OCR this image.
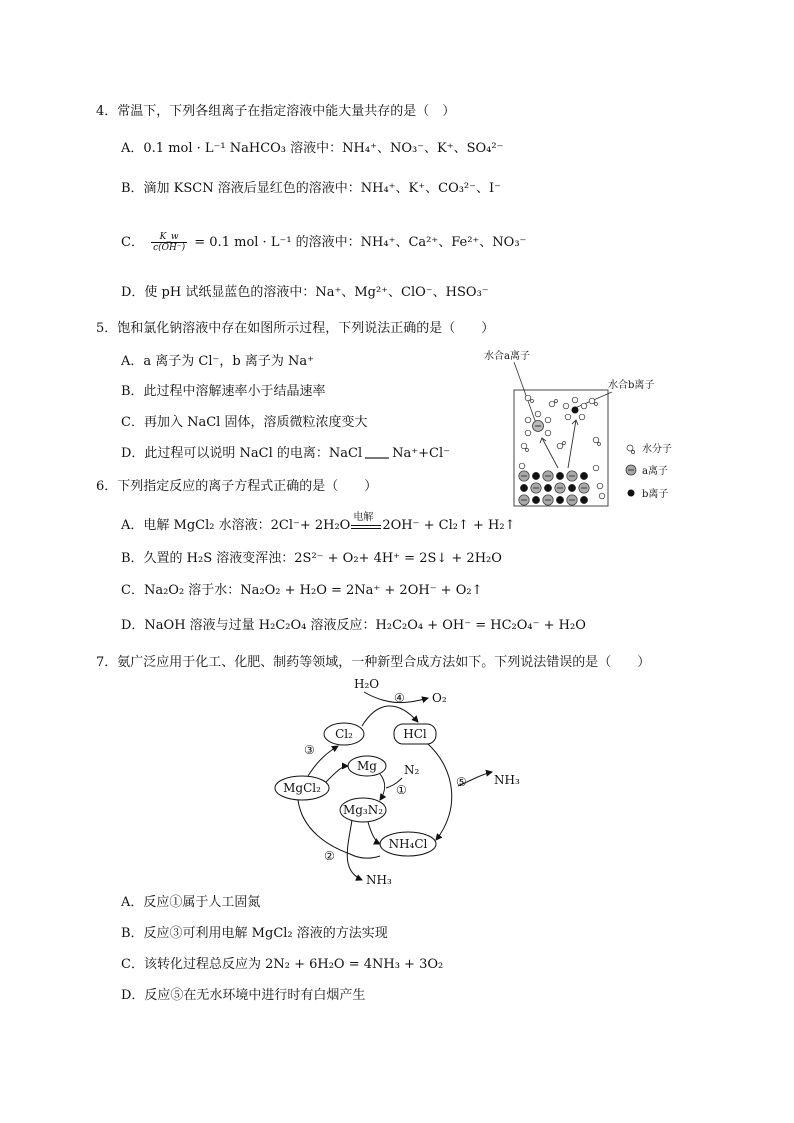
4．常温下，下列各组离子在指定溶液中能大量共存的是（　）
A．0.1 mol · L⁻¹ NaHCO₃ 溶液中：NH₄⁺、NO₃⁻、K⁺、SO₄²⁻
B．滴加 KSCN 溶液后显红色的溶液中：NH₄⁺、K⁺、CO₃²⁻、I⁻
C． $\frac{K\_w}{c(OH^-)} = 0.1$ mol · L⁻¹ 的溶液中：NH₄⁺、Ca²⁺、Fe²⁺、NO₃⁻
D．使 pH 试纸显蓝色的溶液中：Na⁺、Mg²⁺、ClO⁻、HSO₃⁻
5．饱和氯化钠溶液中存在如图所示过程，下列说法正确的是（　　）
A．a 离子为 Cl⁻，b 离子为 Na⁺
B．此过程中溶解速率小于结晶速率
C．再加入 NaCl 固体，溶质微粒浓度变大
D．此过程可以说明 NaCl 的电离：NaCl Na⁺+Cl⁻
水合a离子
水合b离子
水分子
a离子
b离子
6．下列指定反应的离子方程式正确的是（　　）
A．电解 MgCl₂ 水溶液：2Cl⁻+ 2H₂O
电解
2OH⁻ + Cl₂↑ + H₂↑
B．久置的 H₂S 溶液变浑浊：2S²⁻ + O₂+ 4H⁺ = 2S↓ + 2H₂O
C．Na₂O₂ 溶于水：Na₂O₂ + H₂O = 2Na⁺ + 2OH⁻ + O₂↑
D．NaOH 溶液与过量 H₂C₂O₄ 溶液反应：H₂C₂O₄ + OH⁻ = HC₂O₄⁻ + H₂O
7．氨广泛应用于化工、化肥、制药等领域，一种新型合成方法如下。下列说法错误的是（　　）
H₂O
O₂
④
③
N₂
①
⑤ NH₃
②
NH₃
Cl₂	HCl
Mg
MgCl₂
Mg₃N₂
NH₄Cl
A．反应①属于人工固氮
B．反应③可利用电解 MgCl₂ 溶液的方法实现
C．该转化过程总反应为 2N₂ + 6H₂O = 4NH₃ + 3O₂
D．反应⑤在无水环境中进行时有白烟产生
